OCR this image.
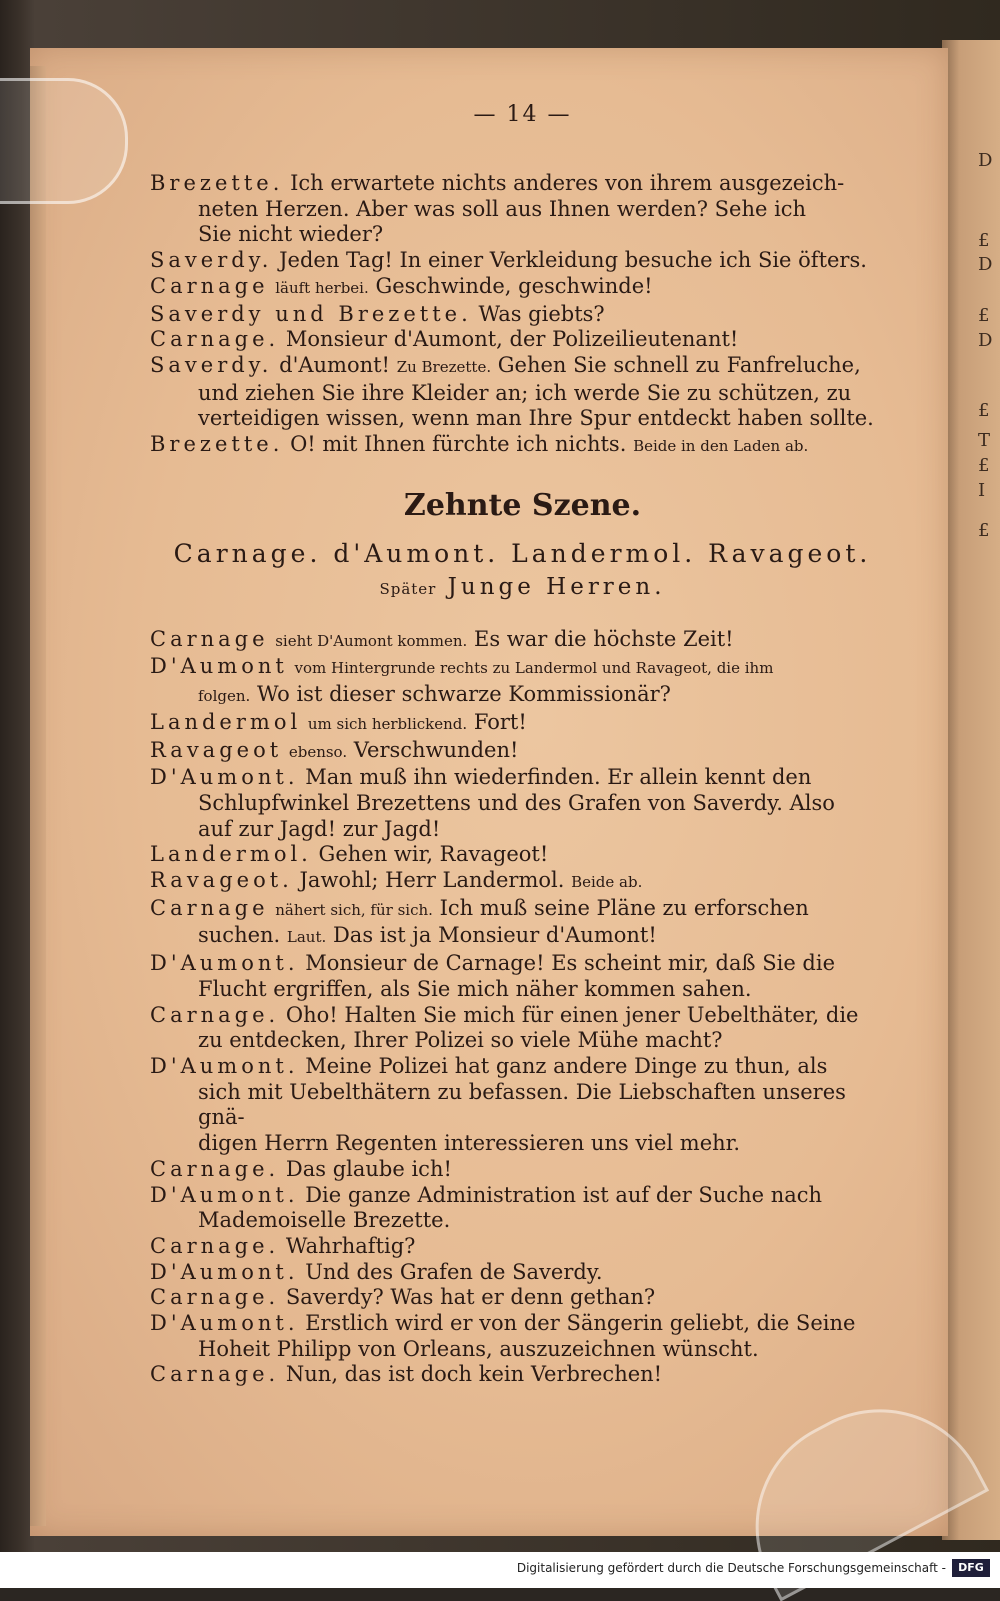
D
£
D
£
D
£
T
£
I
£
— 14 —
Brezette. Ich erwartete nichts anderes von ihrem ausgezeich-
neten Herzen. Aber was soll aus Ihnen werden? Sehe ich
Sie nicht wieder?
Saverdy. Jeden Tag! In einer Verkleidung besuche ich Sie öfters.
Carnage läuft herbei. Geschwinde, geschwinde!
Saverdy und Brezette. Was giebts?
Carnage. Monsieur d'Aumont, der Polizeilieutenant!
Saverdy. d'Aumont! Zu Brezette. Gehen Sie schnell zu Fanfreluche,
und ziehen Sie ihre Kleider an; ich werde Sie zu schützen, zu
verteidigen wissen, wenn man Ihre Spur entdeckt haben sollte.
Brezette. O! mit Ihnen fürchte ich nichts. Beide in den Laden ab.
Zehnte Szene.
Carnage. d'Aumont. Landermol. Ravageot.
Später Junge Herren.
Carnage sieht D'Aumont kommen. Es war die höchste Zeit!
D'Aumont vom Hintergrunde rechts zu Landermol und Ravageot, die ihm
folgen. Wo ist dieser schwarze Kommissionär?
Landermol um sich herblickend. Fort!
Ravageot ebenso. Verschwunden!
D'Aumont. Man muß ihn wiederfinden. Er allein kennt den
Schlupfwinkel Brezettens und des Grafen von Saverdy. Also
auf zur Jagd! zur Jagd!
Landermol. Gehen wir, Ravageot!
Ravageot. Jawohl; Herr Landermol. Beide ab.
Carnage nähert sich, für sich. Ich muß seine Pläne zu erforschen
suchen. Laut. Das ist ja Monsieur d'Aumont!
D'Aumont. Monsieur de Carnage! Es scheint mir, daß Sie die
Flucht ergriffen, als Sie mich näher kommen sahen.
Carnage. Oho! Halten Sie mich für einen jener Uebelthäter, die
zu entdecken, Ihrer Polizei so viele Mühe macht?
D'Aumont. Meine Polizei hat ganz andere Dinge zu thun, als
sich mit Uebelthätern zu befassen. Die Liebschaften unseres gnä-
digen Herrn Regenten interessieren uns viel mehr.
Carnage. Das glaube ich!
D'Aumont. Die ganze Administration ist auf der Suche nach
Mademoiselle Brezette.
Carnage. Wahrhaftig?
D'Aumont. Und des Grafen de Saverdy.
Carnage. Saverdy? Was hat er denn gethan?
D'Aumont. Erstlich wird er von der Sängerin geliebt, die Seine
Hoheit Philipp von Orleans, auszuzeichnen wünscht.
Carnage. Nun, das ist doch kein Verbrechen!
Digitalisierung gefördert durch die Deutsche Forschungsgemeinschaft -	DFG
